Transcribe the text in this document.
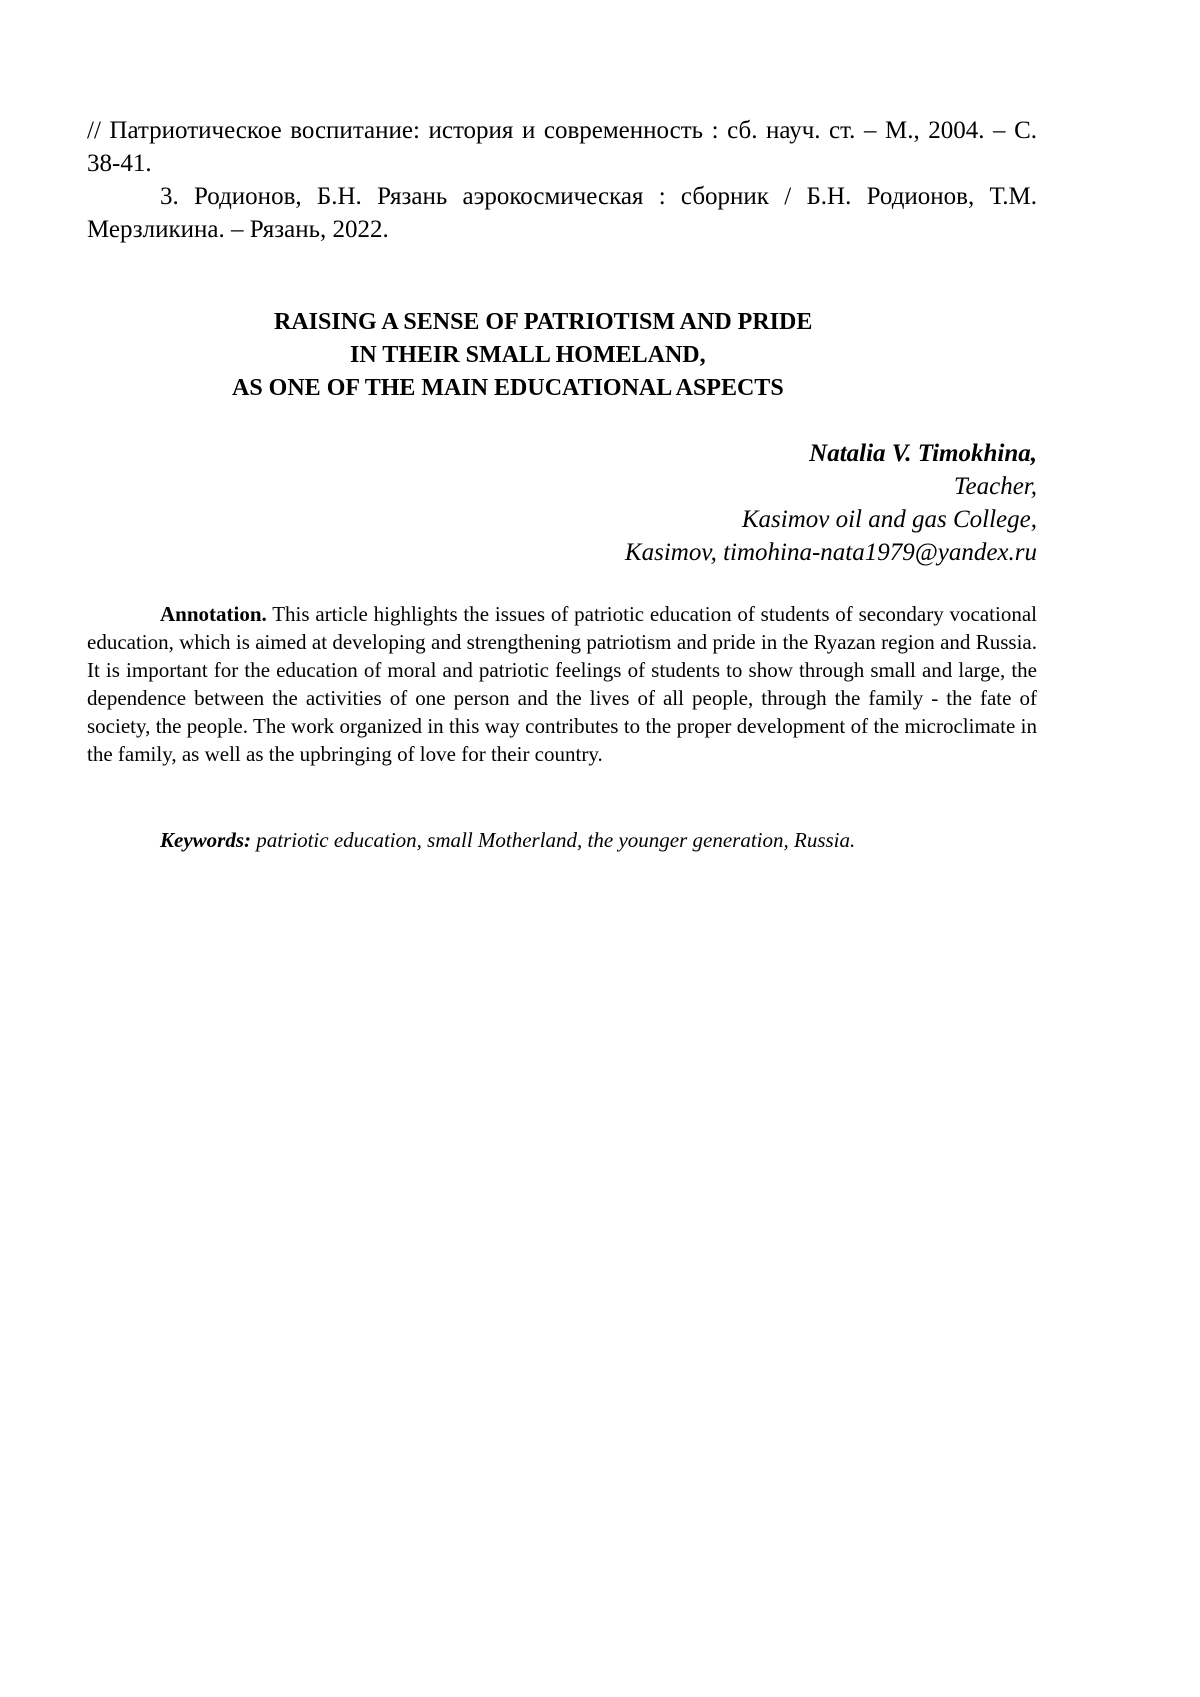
// Патриотическое воспитание: история и современность : сб. науч. ст. – М., 2004. – С. 38-41.

3. Родионов, Б.Н. Рязань аэрокосмическая : сборник / Б.Н. Родионов, Т.М. Мерзликина. – Рязань, 2022.

RAISING A SENSE OF PATRIOTISM AND PRIDE
IN THEIR SMALL HOMELAND,
AS ONE OF THE MAIN EDUCATIONAL ASPECTS
Natalia V. Timokhina,
Teacher,
Kasimov oil and gas College,
Kasimov, timohina-nata1979@yandex.ru

Annotation. This article highlights the issues of patriotic education of students of secondary vocational education, which is aimed at developing and strengthening patriotism and pride in the Ryazan region and Russia. It is important for the education of moral and patriotic feelings of students to show through small and large, the dependence between the activities of one person and the lives of all people, through the family - the fate of society, the people. The work organized in this way contributes to the proper development of the microclimate in the family, as well as the upbringing of love for their country.

Keywords: patriotic education, small Motherland, the younger generation, Russia.
